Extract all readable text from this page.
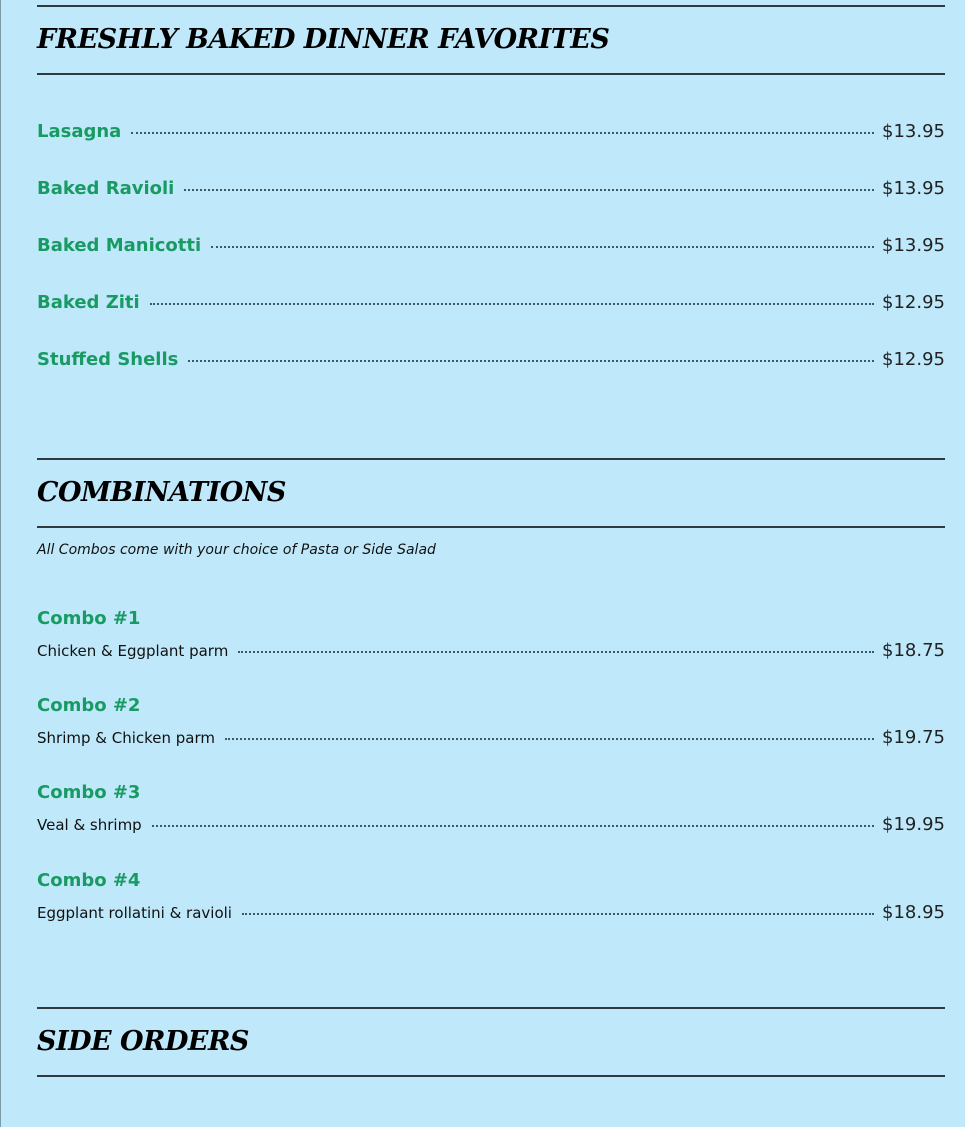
FRESHLY BAKED DINNER FAVORITES
Lasagna	$13.95
Baked Ravioli	$13.95
Baked Manicotti	$13.95
Baked Ziti	$12.95
Stuffed Shells	$12.95
COMBINATIONS
All Combos come with your choice of Pasta or Side Salad
Combo #1
Chicken & Eggplant parm	$18.75
Combo #2
Shrimp & Chicken parm	$19.75
Combo #3
Veal & shrimp	$19.95
Combo #4
Eggplant rollatini & ravioli	$18.95
SIDE ORDERS
